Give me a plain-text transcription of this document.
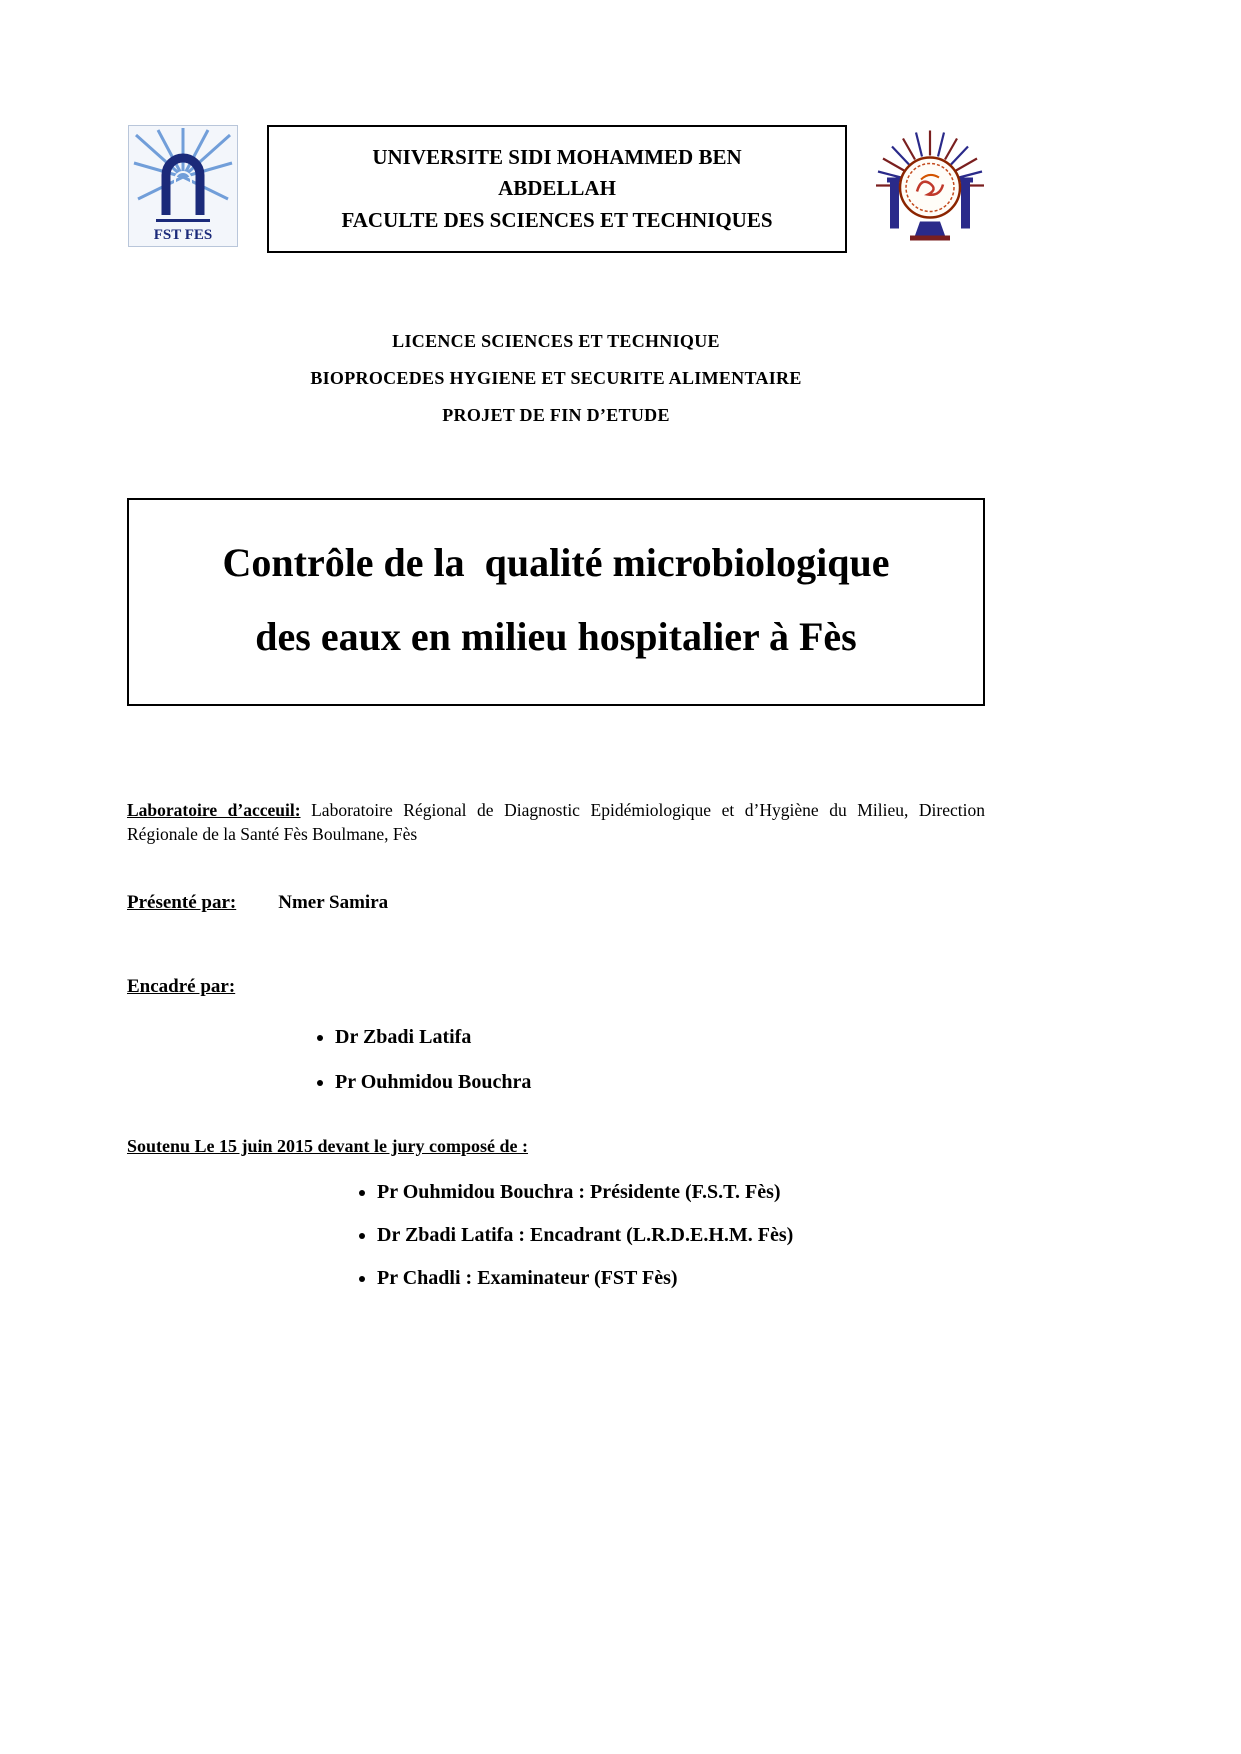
FST FES
UNIVERSITE SIDI MOHAMMED BEN
ABDELLAH
FACULTE DES SCIENCES ET TECHNIQUES
LICENCE SCIENCES ET TECHNIQUE
BIOPROCEDES HYGIENE ET SECURITE ALIMENTAIRE
PROJET DE FIN D’ETUDE
Contrôle de la  qualité microbiologique
des eaux en milieu hospitalier à Fès

Laboratoire d’acceuil: Laboratoire Régional de Diagnostic Epidémiologique et d’Hygiène du Milieu, Direction Régionale de la Santé Fès Boulmane, Fès

Présenté par: Nmer Samira
Encadré par:
• Dr Zbadi Latifa
• Pr Ouhmidou Bouchra
Soutenu Le 15 juin 2015 devant le jury composé de :
• Pr Ouhmidou Bouchra : Présidente (F.S.T. Fès)
• Dr Zbadi Latifa : Encadrant (L.R.D.E.H.M. Fès)
• Pr Chadli : Examinateur (FST Fès)
